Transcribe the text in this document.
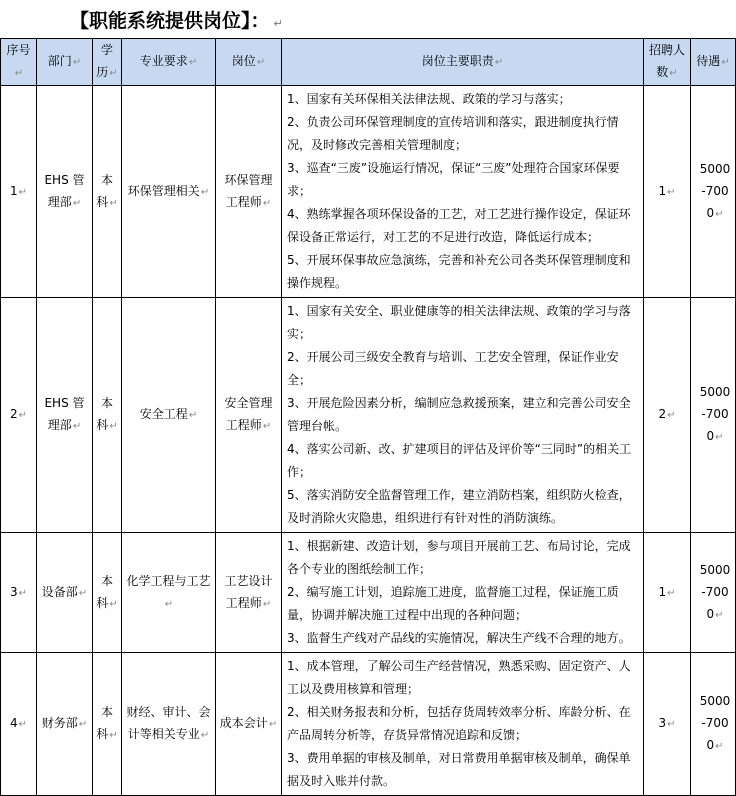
【职能系统提供岗位】： ↵
序号↵	部门↵	学历↵	专业要求↵	岗位↵	岗位主要职责↵	招聘人数↵	待遇↵
1↵	EHS 管理部↵	本科↵	环保管理相关↵	环保管理工程师↵	1、国家有关环保相关法律法规、政策的学习与落实；
2、负责公司环保管理制度的宣传培训和落实，跟进制度执行情况，及时修改完善相关管理制度；
3、巡查“三废”设施运行情况，保证“三废”处理符合国家环保要求；
4、熟练掌握各项环保设备的工艺，对工艺进行操作设定，保证环保设备正常运行，对工艺的不足进行改造，降低运行成本；
5、开展环保事故应急演练，完善和补充公司各类环保管理制度和操作规程。	1↵	5000-7000↵
2↵	EHS 管理部↵	本科↵	安全工程↵	安全管理工程师↵	1、国家有关安全、职业健康等的相关法律法规、政策的学习与落实；
2、开展公司三级安全教育与培训、工艺安全管理，保证作业安全；
3、开展危险因素分析，编制应急救援预案，建立和完善公司安全管理台帐。
4、落实公司新、改、扩建项目的评估及评价等“三同时”的相关工作；
5、落实消防安全监督管理工作，建立消防档案，组织防火检查，及时消除火灾隐患，组织进行有针对性的消防演练。	2↵	5000-7000↵
3↵	设备部↵	本科↵	化学工程与工艺↵	工艺设计工程师↵	1、根据新建、改造计划，参与项目开展前工艺、布局讨论，完成各个专业的图纸绘制工作；
2、编写施工计划，追踪施工进度，监督施工过程，保证施工质量，协调并解决施工过程中出现的各种问题；
3、监督生产线对产品线的实施情况，解决生产线不合理的地方。	1↵	5000-7000↵
4↵	财务部↵	本科↵	财经、审计、会计等相关专业↵	成本会计↵	1、成本管理，了解公司生产经营情况，熟悉采购、固定资产、人工以及费用核算和管理；
2、相关财务报表和分析，包括存货周转效率分析、库龄分析、在产品周转分析等，存货异常情况追踪和反馈；
3、费用单据的审核及制单，对日常费用单据审核及制单，确保单据及时入账并付款。	3↵	5000-7000↵
